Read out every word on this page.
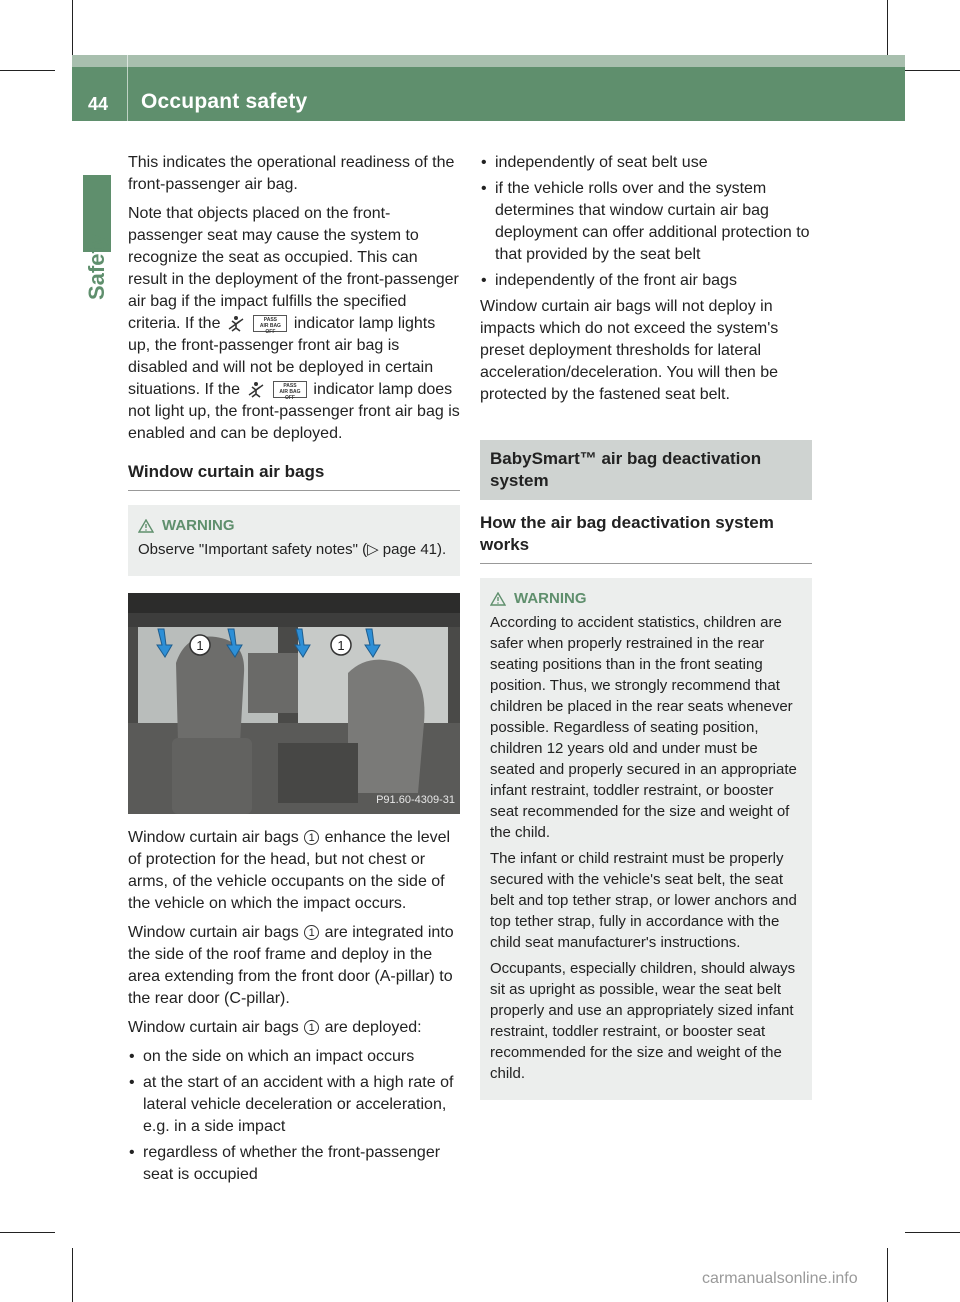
44 Occupant safety
Safety

This indicates the operational readiness of the front-passenger air bag.

Note that objects placed on the front-passenger seat may cause the system to recognize the seat as occupied. This can result in the deployment of the front-passenger air bag if the impact fulfills the specified criteria. If the	PASS
AIR BAG OFF indicator lamp lights up, the front-passenger front air bag is disabled and will not be deployed in certain situations. If the	PASS
AIR BAG OFF indicator lamp does not light up, the front-passenger front air bag is enabled and can be deployed.

Window curtain air bags
WARNING

Observe "Important safety notes" (▷ page 41).

1	1
P91.60-4309-31

Window curtain air bags 1 enhance the level of protection for the head, but not chest or arms, of the vehicle occupants on the side of the vehicle on which the impact occurs.

Window curtain air bags 1 are integrated into the side of the roof frame and deploy in the area extending from the front door (A-pillar) to the rear door (C-pillar).

Window curtain air bags 1 are deployed:

• on the side on which an impact occurs
• at the start of an accident with a high rate of lateral vehicle deceleration or acceleration, e.g. in a side impact
• regardless of whether the front-passenger seat is occupied
• independently of seat belt use
• if the vehicle rolls over and the system determines that window curtain air bag deployment can offer additional protection to that provided by the seat belt
• independently of the front air bags

Window curtain air bags will not deploy in impacts which do not exceed the system's preset deployment thresholds for lateral acceleration/deceleration. You will then be protected by the fastened seat belt.

BabySmart™ air bag deactivation system
How the air bag deactivation system works
WARNING

According to accident statistics, children are safer when properly restrained in the rear seating positions than in the front seating position. Thus, we strongly recommend that children be placed in the rear seats whenever possible. Regardless of seating position, children 12 years old and under must be seated and properly secured in an appropriate infant restraint, toddler restraint, or booster seat recommended for the size and weight of the child.

The infant or child restraint must be properly secured with the vehicle's seat belt, the seat belt and top tether strap, or lower anchors and top tether strap, fully in accordance with the child seat manufacturer's instructions.

Occupants, especially children, should always sit as upright as possible, wear the seat belt properly and use an appropriately sized infant restraint, toddler restraint, or booster seat recommended for the size and weight of the child.

carmanualsonline.info
